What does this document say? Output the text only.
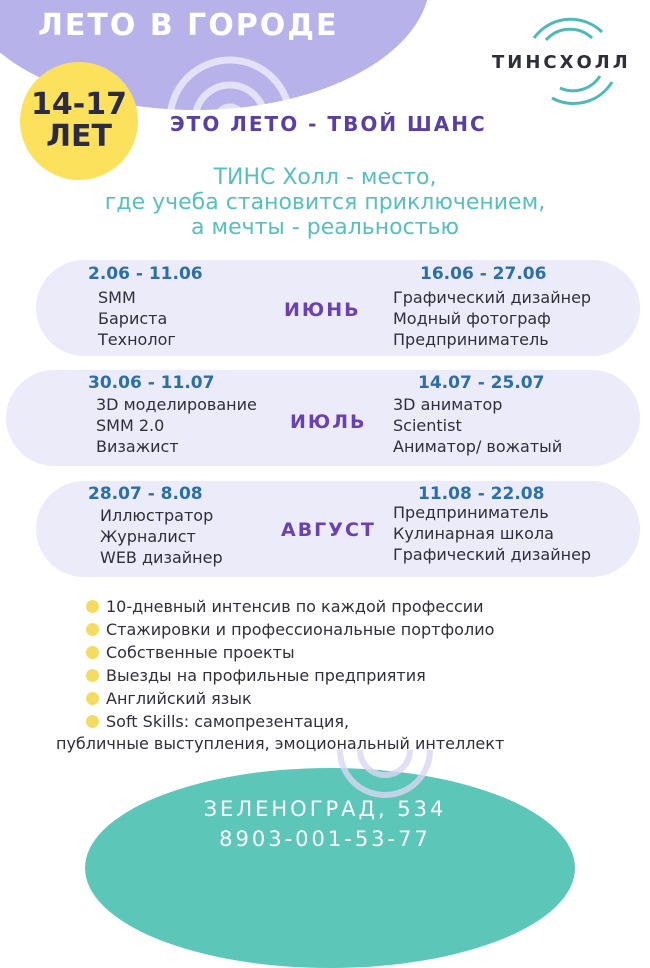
ЛЕТО В ГОРОДЕ
14-17
ЛЕТ	ЭТО ЛЕТО - ТВОЙ ШАНС
ТИНСХОЛЛ
ТИНС Холл - место,
где учеба становится приключением,
а мечты - реальностью
2.06 - 11.06
SMM
Бариста
Технолог
ИЮНЬ
16.06 - 27.06
Графический дизайнер
Модный фотограф
Предприниматель
30.06 - 11.07
3D моделирование
SMM 2.0
Визажист
ИЮЛЬ
14.07 - 25.07
3D аниматор
Scientist
Аниматор/ вожатый
28.07 - 8.08
Иллюстратор
Журналист
WEB дизайнер
АВГУСТ
11.08 - 22.08
Предприниматель
Кулинарная школа
Графический дизайнер
10-дневный интенсив по каждой профессии
Стажировки и профессиональные портфолио
Собственные проекты
Выезды на профильные предприятия
Английский язык
Soft Skills: самопрезентация,
публичные выступления, эмоциональный интеллект
ЗЕЛЕНОГРАД, 534
8903-001-53-77
